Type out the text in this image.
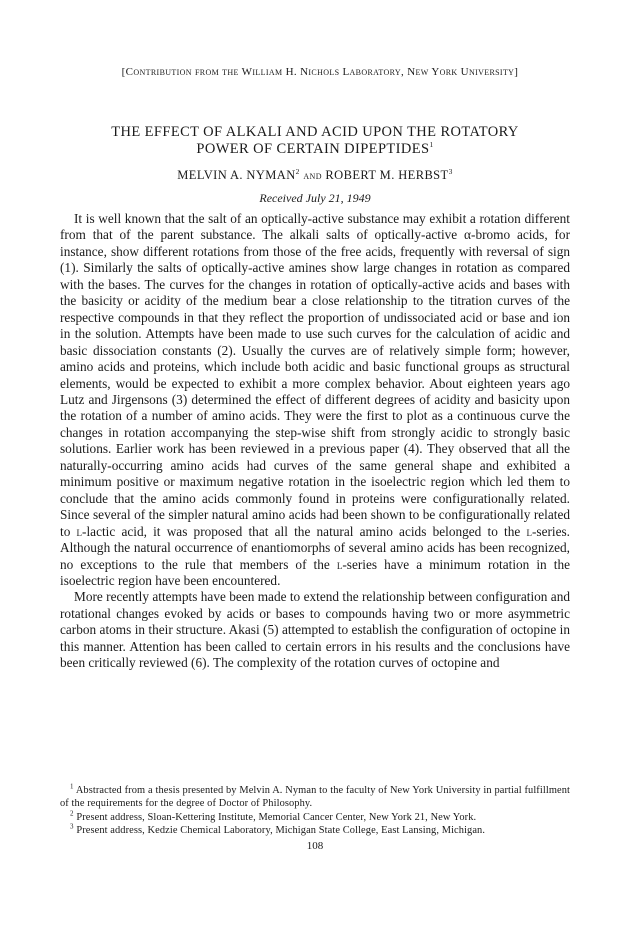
[Contribution from the William H. Nichols Laboratory, New York University]
THE EFFECT OF ALKALI AND ACID UPON THE ROTATORY
POWER OF CERTAIN DIPEPTIDES$^1$
MELVIN A. NYMAN$^2$ and ROBERT M. HERBST$^3$
Received July 21, 1949

It is well known that the salt of an optically-active substance may exhibit a rotation different from that of the parent substance. The alkali salts of optically-active α-bromo acids, for instance, show different rotations from those of the free acids, frequently with reversal of sign (1). Similarly the salts of optically-active amines show large changes in rotation as compared with the bases. The curves for the changes in rotation of optically-active acids and bases with the basicity or acidity of the medium bear a close relationship to the titration curves of the respective compounds in that they reflect the proportion of undissociated acid or base and ion in the solution. Attempts have been made to use such curves for the calculation of acidic and basic dissociation constants (2). Usually the curves are of relatively simple form; however, amino acids and proteins, which include both acidic and basic functional groups as structural elements, would be expected to exhibit a more complex behavior. About eighteen years ago Lutz and Jirgensons (3) determined the effect of different degrees of acidity and basicity upon the rotation of a number of amino acids. They were the first to plot as a continuous curve the changes in rotation accompanying the step-wise shift from strongly acidic to strongly basic solutions. Earlier work has been reviewed in a previous paper (4). They observed that all the naturally-occurring amino acids had curves of the same general shape and exhibited a minimum positive or maximum negative rotation in the isoelectric region which led them to conclude that the amino acids commonly found in proteins were configurationally related. Since several of the simpler natural amino acids had been shown to be configurationally related to l-lactic acid, it was proposed that all the natural amino acids belonged to the l-series. Although the natural occurrence of enantiomorphs of several amino acids has been recognized, no exceptions to the rule that members of the l-series have a minimum rotation in the isoelectric region have been encountered.

More recently attempts have been made to extend the relationship between configuration and rotational changes evoked by acids or bases to compounds having two or more asymmetric carbon atoms in their structure. Akasi (5) attempted to establish the configuration of octopine in this manner. Attention has been called to certain errors in his results and the conclusions have been critically reviewed (6). The complexity of the rotation curves of octopine and

$^1$ Abstracted from a thesis presented by Melvin A. Nyman to the faculty of New York University in partial fulfillment of the requirements for the degree of Doctor of Philosophy.

$^2$ Present address, Sloan-Kettering Institute, Memorial Cancer Center, New York 21, New York.

$^3$ Present address, Kedzie Chemical Laboratory, Michigan State College, East Lansing, Michigan.

108
